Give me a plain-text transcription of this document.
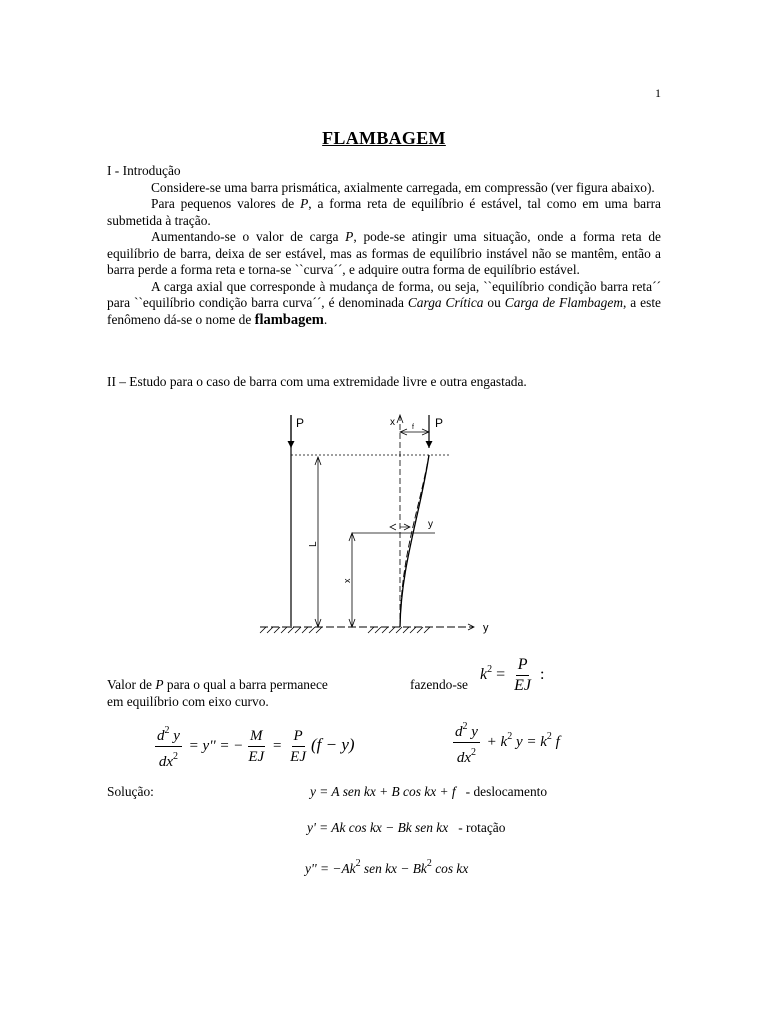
1
FLAMBAGEM

I - Introdução

Considere-se uma barra prismática, axialmente carregada, em compressão (ver figura abaixo).

Para pequenos valores de P, a forma reta de equilíbrio é estável, tal como em uma barra submetida à tração.

Aumentando-se o valor de carga P, pode-se atingir uma situação, onde a forma reta de equilíbrio de barra, deixa de ser estável, mas as formas de equilíbrio instável não se mantêm, então a barra perde a forma reta e torna-se ``curva´´, e adquire outra forma de equilíbrio estável.

A carga axial que corresponde à mudança de forma, ou seja, ``equilíbrio condição barra reta´´ para ``equilíbrio condição barra curva´´, é denominada Carga Crítica ou Carga de Flambagem, a este fenômeno dá-se o nome de flambagem.

II – Estudo para o caso de barra com uma extremidade livre e outra engastada.
P	x f P
y
L
x
y
Valor de P para o qual a barra permanece
em equilíbrio com eixo curvo.
fazendo-se
$k^2 = \frac{P}{EJ}$ :
$\frac{d^2 y}{dx^2} = y''$ = − $\frac{M}{EJ} = \frac{P}{EJ} (f - y)$	$\frac{d^2 y}{dx^2} + k^2$ $y = k^2$ f
Solução:	y = A sen kx + B cos kx + f - deslocamento
y' = Ak cos kx − Bk sen kx - rotação
$y'' = -Ak^2$ sen kx − $Bk^2$ cos kx
